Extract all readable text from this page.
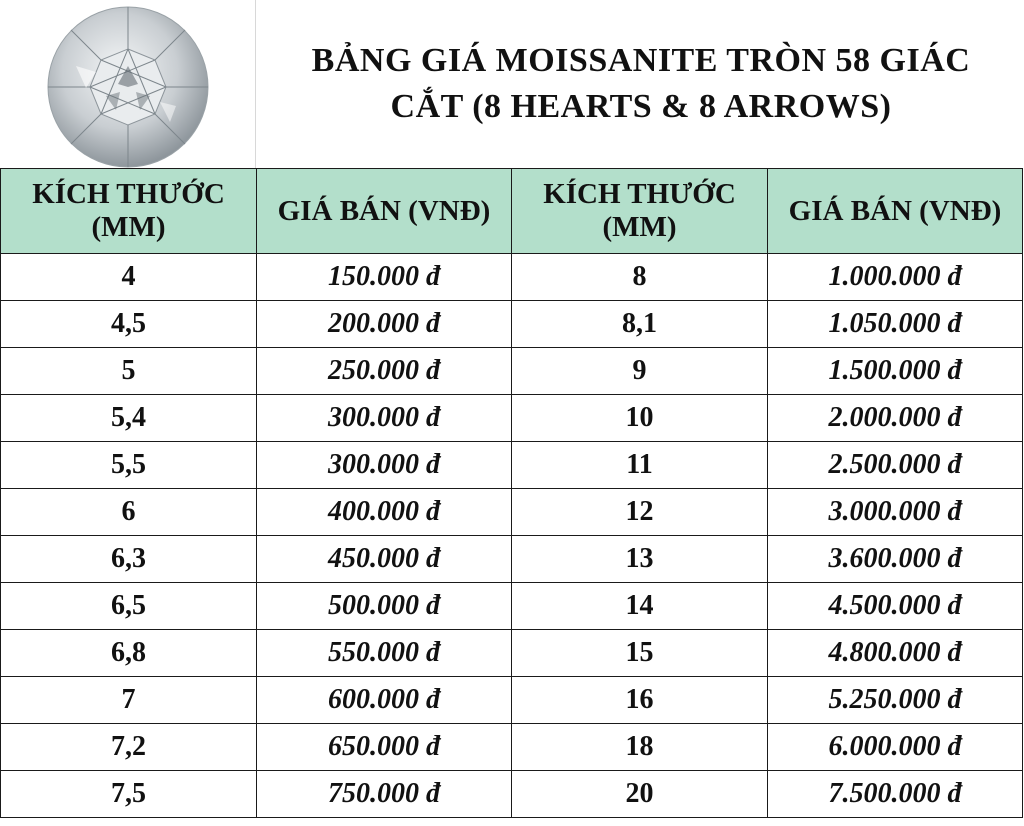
BẢNG GIÁ MOISSANITE TRÒN 58 GIÁC CẮT (8 HEARTS & 8 ARROWS)
KÍCH THƯỚC (MM)	GIÁ BÁN (VNĐ)	KÍCH THƯỚC (MM)	GIÁ BÁN (VNĐ)
4	150.000 đ	8	1.000.000 đ
4,5	200.000 đ	8,1	1.050.000 đ
5	250.000 đ	9	1.500.000 đ
5,4	300.000 đ	10	2.000.000 đ
5,5	300.000 đ	11	2.500.000 đ
6	400.000 đ	12	3.000.000 đ
6,3	450.000 đ	13	3.600.000 đ
6,5	500.000 đ	14	4.500.000 đ
6,8	550.000 đ	15	4.800.000 đ
7	600.000 đ	16	5.250.000 đ
7,2	650.000 đ	18	6.000.000 đ
7,5	750.000 đ	20	7.500.000 đ
